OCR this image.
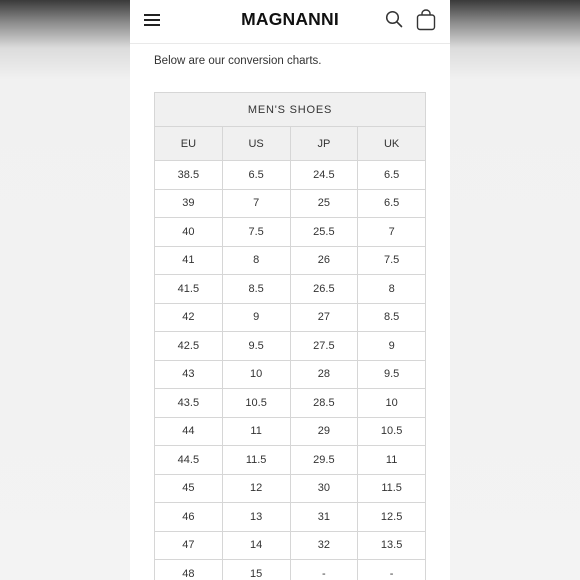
MAGNANNI
Below are our conversion charts.
MEN'S SHOES			
EU	US	JP	UK
38.5	6.5	24.5	6.5
39	7	25	6.5
40	7.5	25.5	7
41	8	26	7.5
41.5	8.5	26.5	8
42	9	27	8.5
42.5	9.5	27.5	9
43	10	28	9.5
43.5	10.5	28.5	10
44	11	29	10.5
44.5	11.5	29.5	11
45	12	30	11.5
46	13	31	12.5
47	14	32	13.5
48	15	-	-
